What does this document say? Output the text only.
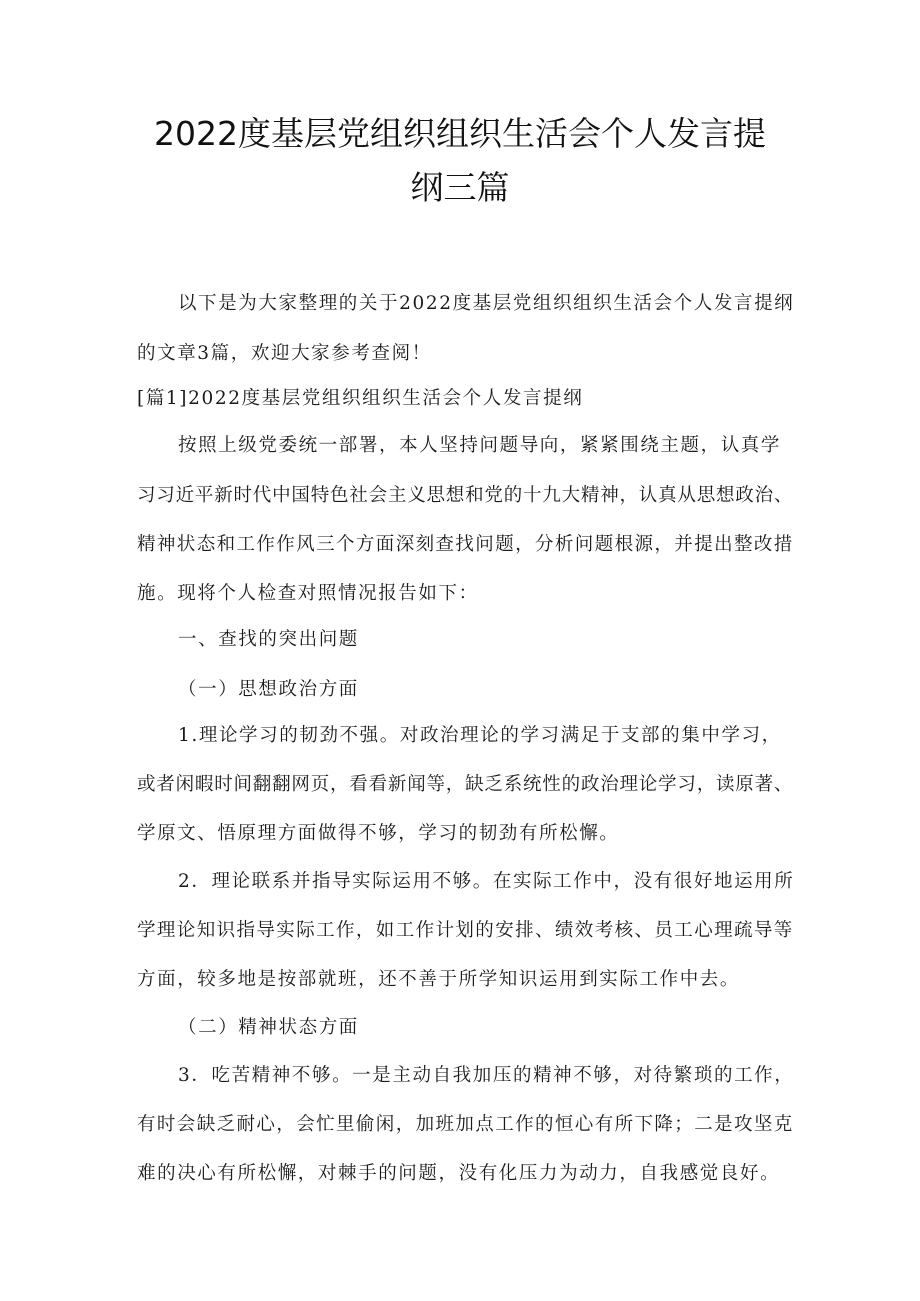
2022度基层党组织组织生活会个人发言提
纲三篇
以下是为大家整理的关于2022度基层党组织组织生活会个人发言提纲
的文章3篇，欢迎大家参考查阅！
[篇1]2022度基层党组织组织生活会个人发言提纲
按照上级党委统一部署，本人坚持问题导向，紧紧围绕主题，认真学
习习近平新时代中国特色社会主义思想和党的十九大精神，认真从思想政治、
精神状态和工作作风三个方面深刻查找问题，分析问题根源，并提出整改措
施。现将个人检查对照情况报告如下：
一、查找的突出问题
（一）思想政治方面
1.理论学习的韧劲不强。对政治理论的学习满足于支部的集中学习，
或者闲暇时间翻翻网页，看看新闻等，缺乏系统性的政治理论学习，读原著、
学原文、悟原理方面做得不够，学习的韧劲有所松懈。
2．理论联系并指导实际运用不够。在实际工作中，没有很好地运用所
学理论知识指导实际工作，如工作计划的安排、绩效考核、员工心理疏导等
方面，较多地是按部就班，还不善于所学知识运用到实际工作中去。
（二）精神状态方面
3．吃苦精神不够。一是主动自我加压的精神不够，对待繁琐的工作，
有时会缺乏耐心，会忙里偷闲，加班加点工作的恒心有所下降；二是攻坚克
难的决心有所松懈，对棘手的问题，没有化压力为动力，自我感觉良好。
